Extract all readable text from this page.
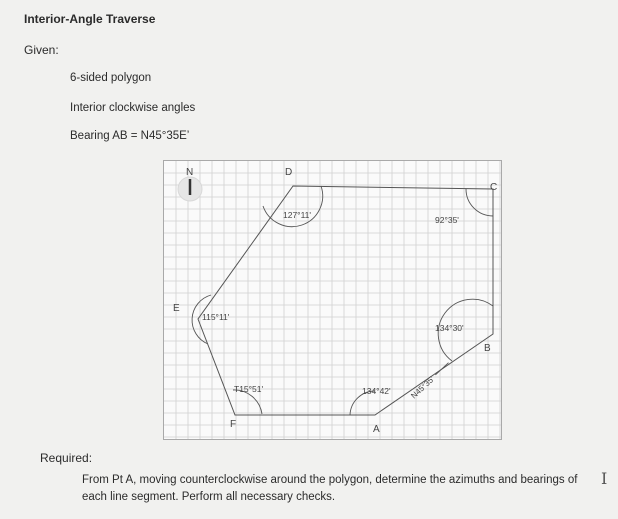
Interior-Angle Traverse
Given:
6-sided polygon
Interior clockwise angles
Bearing AB = N45°35E’
N	D
C
B
A
E
F
127°11'	92°35'
134°30'
134°42'
115°11'
T15°51'	N45°35'
Required:
From Pt A, moving counterclockwise around the polygon, determine the azimuths and bearings of each line segment. Perform all necessary checks.
I
